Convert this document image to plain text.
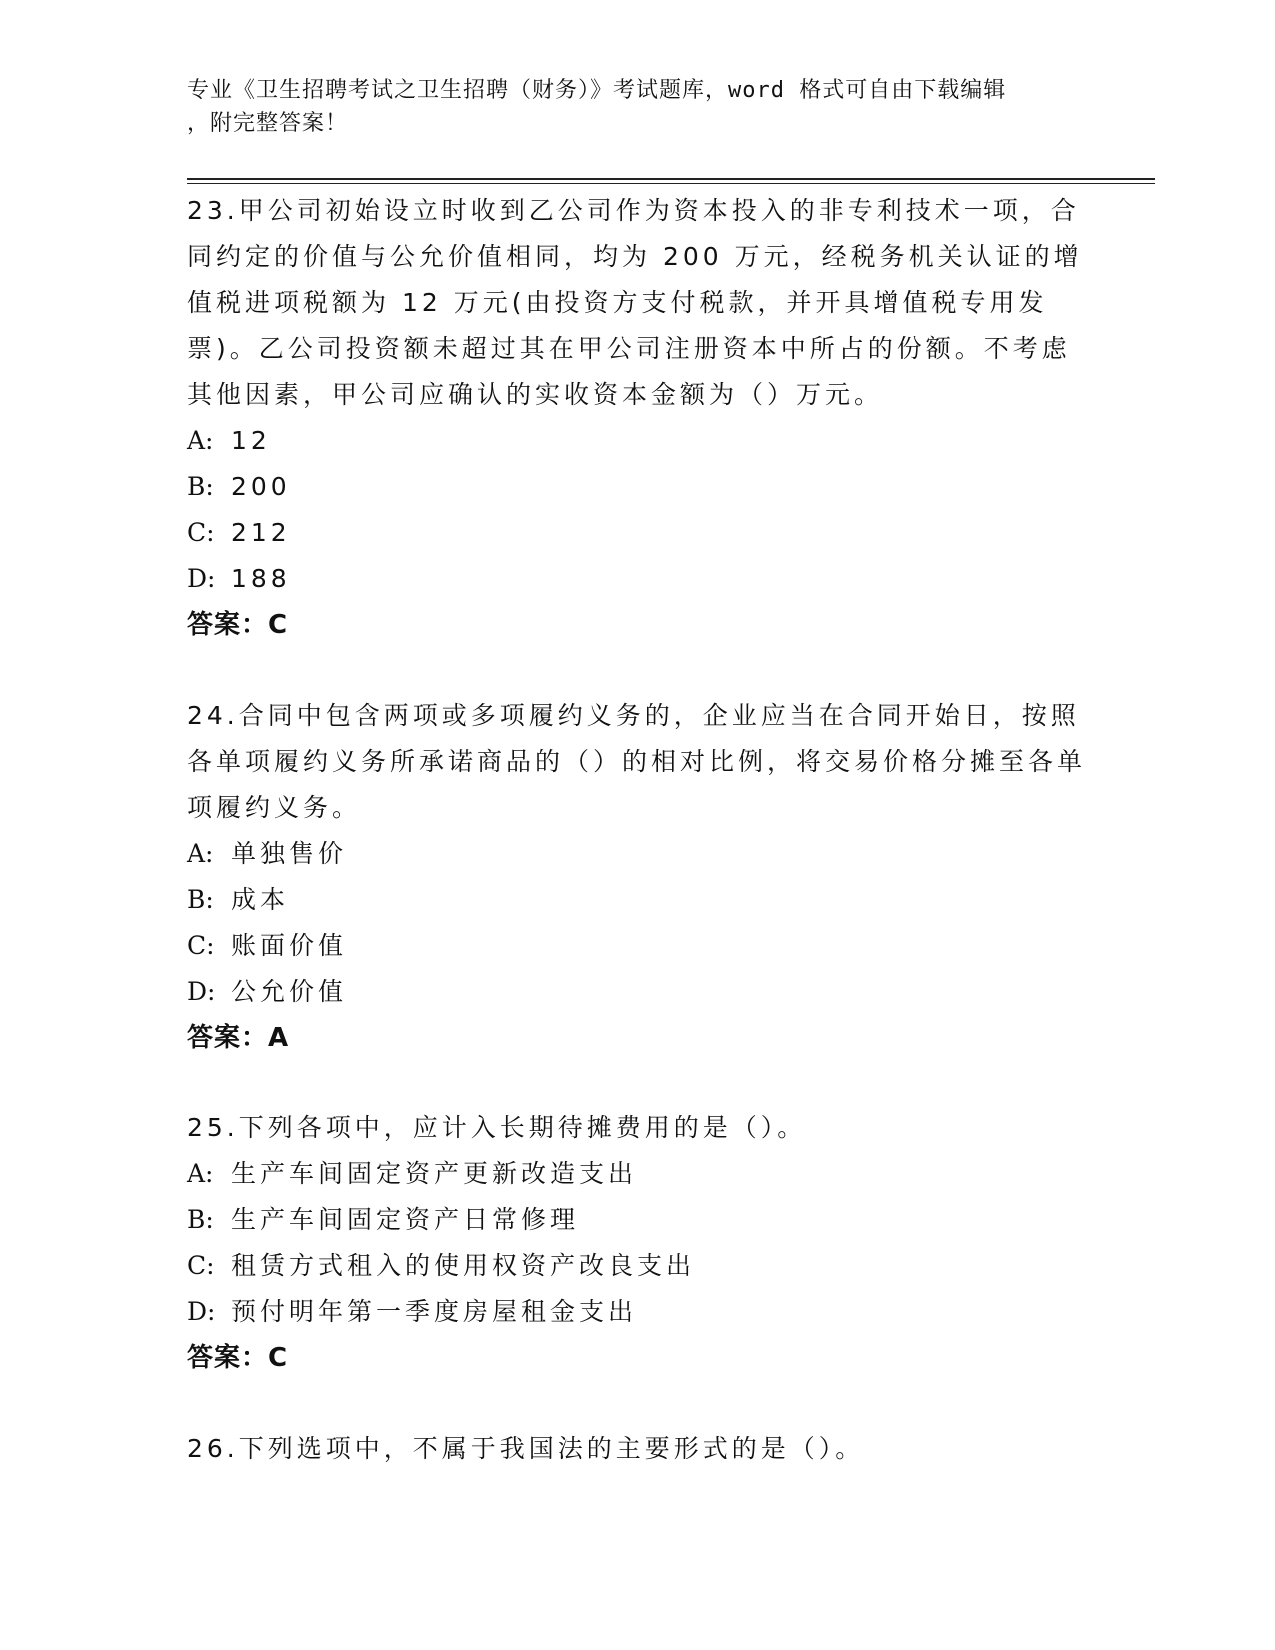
专业《卫生招聘考试之卫生招聘（财务）》考试题库，word 格式可自由下载编辑
，附完整答案！
23.甲公司初始设立时收到乙公司作为资本投入的非专利技术一项，合同约定的价值与公允价值相同，均为 200 万元，经税务机关认证的增值税进项税额为 12 万元(由投资方支付税款，并开具增值税专用发票)。乙公司投资额未超过其在甲公司注册资本中所占的份额。不考虑其他因素，甲公司应确认的实收资本金额为（）万元。
A: 12
B: 200
C: 212
D: 188
答案：C
24.合同中包含两项或多项履约义务的，企业应当在合同开始日，按照各单项履约义务所承诺商品的（）的相对比例，将交易价格分摊至各单项履约义务。
A: 单独售价
B: 成本
C: 账面价值
D: 公允价值
答案：A
25.下列各项中，应计入长期待摊费用的是（）。
A: 生产车间固定资产更新改造支出
B: 生产车间固定资产日常修理
C: 租赁方式租入的使用权资产改良支出
D: 预付明年第一季度房屋租金支出
答案：C
26.下列选项中，不属于我国法的主要形式的是（）。
